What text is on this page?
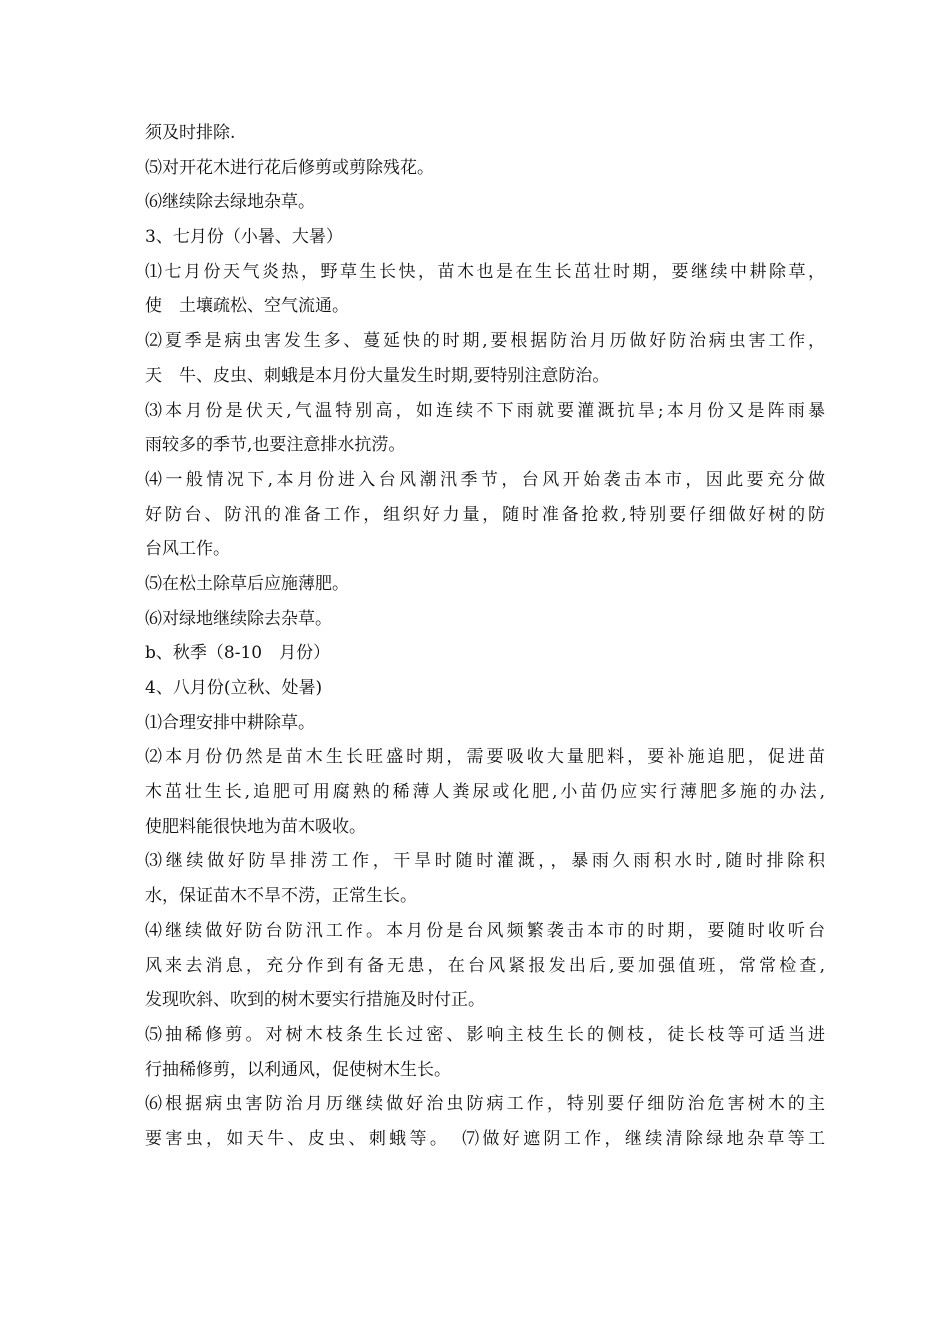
须及时排除.
⑸对开花木进行花后修剪或剪除残花。
⑹继续除去绿地杂草。
3、七月份（小暑、大暑）
⑴七月份天气炎热，野草生长快，苗木也是在生长茁壮时期，要继续中耕除草，
使　土壤疏松、空气流通。
⑵夏季是病虫害发生多、蔓延快的时期,要根据防治月历做好防治病虫害工作，
天　牛、皮虫、刺蛾是本月份大量发生时期,要特别注意防治。
⑶本月份是伏天,气温特别高，如连续不下雨就要灌溉抗旱;本月份又是阵雨暴
雨较多的季节,也要注意排水抗涝。
⑷一般情况下,本月份进入台风潮汛季节，台风开始袭击本市，因此要充分做
好防台、防汛的准备工作，组织好力量，随时准备抢救,特别要仔细做好树的防
台风工作。
⑸在松土除草后应施薄肥。
⑹对绿地继续除去杂草。
b、秋季（8-10　月份）
4、八月份(立秋、处暑)
⑴合理安排中耕除草。
⑵本月份仍然是苗木生长旺盛时期，需要吸收大量肥料，要补施追肥，促进苗
木茁壮生长,追肥可用腐熟的稀薄人粪尿或化肥,小苗仍应实行薄肥多施的办法,
使肥料能很快地为苗木吸收。
⑶继续做好防旱排涝工作，干旱时随时灌溉，，暴雨久雨积水时,随时排除积
水，保证苗木不旱不涝，正常生长。
⑷继续做好防台防汛工作。本月份是台风频繁袭击本市的时期，要随时收听台
风来去消息，充分作到有备无患，在台风紧报发出后,要加强值班，常常检查,
发现吹斜、吹到的树木要实行措施及时付正。
⑸抽稀修剪。对树木枝条生长过密、影响主枝生长的侧枝，徒长枝等可适当进
行抽稀修剪，以利通风，促使树木生长。
⑹根据病虫害防治月历继续做好治虫防病工作，特别要仔细防治危害树木的主
要害虫，如天牛、皮虫、刺蛾等。　⑺做好遮阴工作，继续清除绿地杂草等工
